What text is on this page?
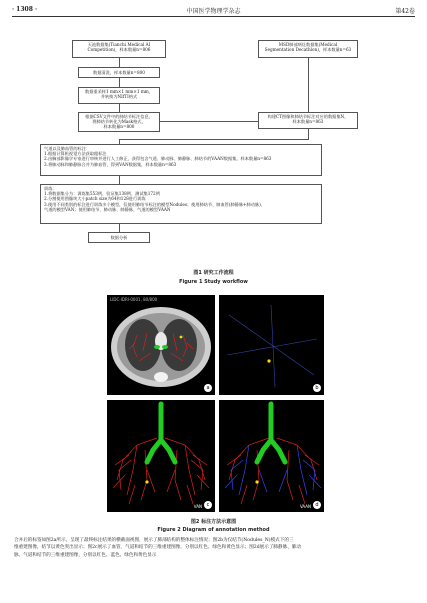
· 1308 ·	中国医学物理学杂志	第42卷
天池数据集(Tianchi Medical AI
Competition)，样本数量n=806
数据清洗，样本数量n=800
数据重采样1 mm×1 mm×1 mm，
并转换为NIfTI格式
根据CSV文件中的肺结节标注信息，
将肺结节转化为Mask格式，
样本数量n=800
MSD肺部病灶数据集(Medical
Segmentation Decathlon)，样本数量n=63
构建CT图像和肺结节标注对应的数据集N，
样本数量n=863
气道以及肺血管的标注：
1.根据计算机视觉方法获取粗标注
2.由胸部影像学专家进行审核并进行人工修正，获得包含气道、肺动脉、肺静脉、肺结节的VAAN数据集，样本数量n=863
3.将肺动脉和肺静脉合并为肺血管，得到VAN数据集，样本数量n=863
训练：
1.将数据集分为：训练集553例、验证集138例、测试集172例
2.分割使用图像块大小patch size为64和128进行训练
3.使用不同类别的标注进行训练多个模型，仅使用肺结节标注的模型Nodules；使用肺结节、肺血管(肺静脉+肺动脉)、
气道的模型VAN；使用肺结节、肺动脉、肺静脉、气道的模型VAAN
数据分析
图1 研究工作流程
Figure 1 Study workflow
LIDC-IDRI-0001, 80/800
a	b
VAN c	VAAN d
图2 标注方法示意图
Figure 2 Diagram of annotation method
合并后的标签如图2a所示，呈现了最终标注结果的横截面视图，展示了肺部结构的整体标注情况；图2b为仅结节(Nodules_N)模式下的三
维重建图像，结节以黄色突出显示；图2c展示了血管、气道和结节的三维重建图像，分别以红色、绿色和黄色显示；图2d展示了肺静脉、肺动
脉、气道和结节的三维重建图像，分别以红色、蓝色、绿色和黄色显示
